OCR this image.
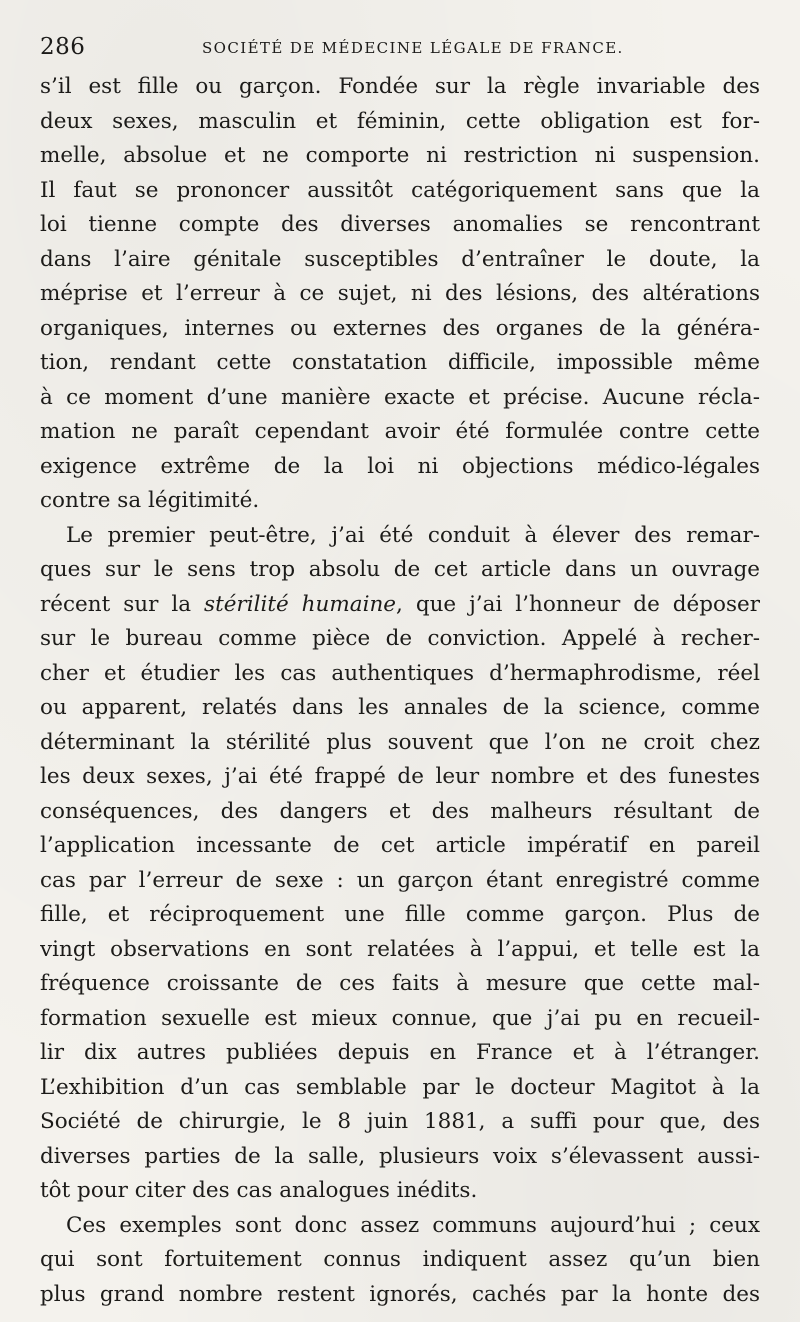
286	SOCIÉTÉ DE MÉDECINE LÉGALE DE FRANCE.

s’il est fille ou garçon. Fondée sur la règle invariable des

deux sexes, masculin et féminin, cette obligation est for-

melle, absolue et ne comporte ni restriction ni suspension.

Il faut se prononcer aussitôt catégoriquement sans que la

loi tienne compte des diverses anomalies se rencontrant

dans l’aire génitale susceptibles d’entraîner le doute, la

méprise et l’erreur à ce sujet, ni des lésions, des altérations

organiques, internes ou externes des organes de la généra-

tion, rendant cette constatation difficile, impossible même

à ce moment d’une manière exacte et précise. Aucune récla-

mation ne paraît cependant avoir été formulée contre cette

exigence extrême de la loi ni objections médico-légales

contre sa légitimité.

Le premier peut-être, j’ai été conduit à élever des remar-

ques sur le sens trop absolu de cet article dans un ouvrage

récent sur la stérilité humaine, que j’ai l’honneur de déposer

sur le bureau comme pièce de conviction. Appelé à recher-

cher et étudier les cas authentiques d’hermaphrodisme, réel

ou apparent, relatés dans les annales de la science, comme

déterminant la stérilité plus souvent que l’on ne croit chez

les deux sexes, j’ai été frappé de leur nombre et des funestes

conséquences, des dangers et des malheurs résultant de

l’application incessante de cet article impératif en pareil

cas par l’erreur de sexe : un garçon étant enregistré comme

fille, et réciproquement une fille comme garçon. Plus de

vingt observations en sont relatées à l’appui, et telle est la

fréquence croissante de ces faits à mesure que cette mal-

formation sexuelle est mieux connue, que j’ai pu en recueil-

lir dix autres publiées depuis en France et à l’étranger.

L’exhibition d’un cas semblable par le docteur Magitot à la

Société de chirurgie, le 8 juin 1881, a suffi pour que, des

diverses parties de la salle, plusieurs voix s’élevassent aussi-

tôt pour citer des cas analogues inédits.

Ces exemples sont donc assez communs aujourd’hui ; ceux

qui sont fortuitement connus indiquent assez qu’un bien

plus grand nombre restent ignorés, cachés par la honte des
